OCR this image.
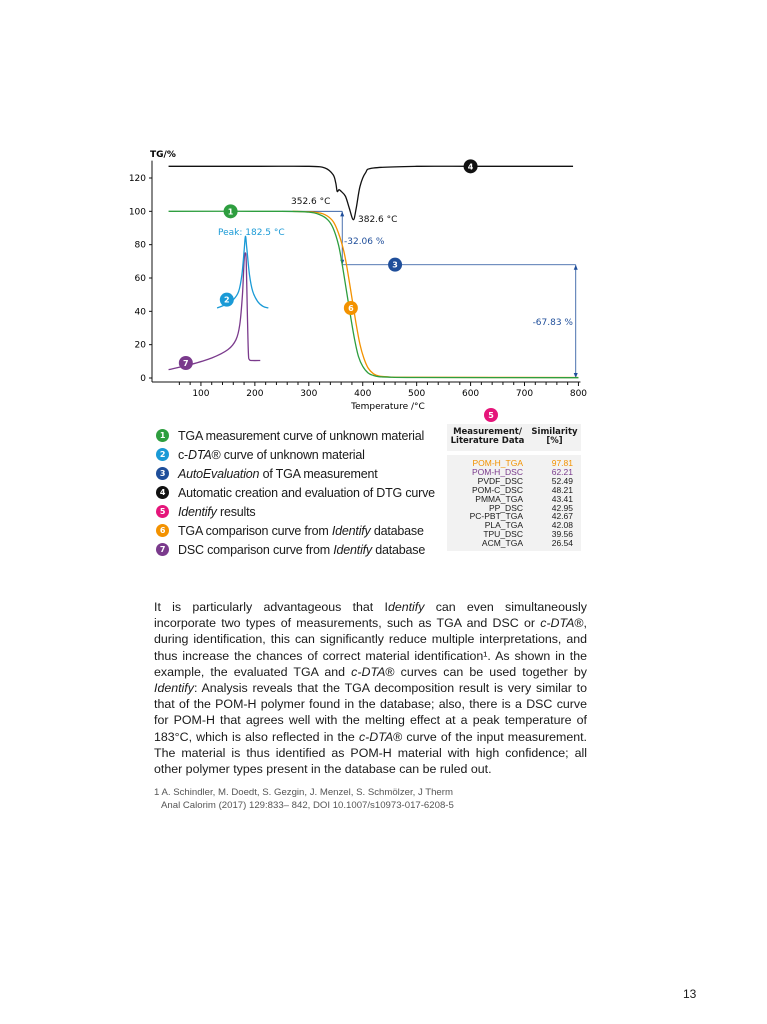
0
20
40
60
80
100
120
100	200	300	400	500	600	700	800
1
2
3
4
6
7
TG/%
Temperature /°C
Peak: 182.5 °C
352.6 °C
382.6 °C
-32.06 %
-67.83 %
1	TGA measurement curve of unknown material
2	c-DTA® curve of unknown material
3	AutoEvaluation of TGA measurement
4	Automatic creation and evaluation of DTG curve
5	Identify results
6	TGA comparison curve from Identify database
7	DSC comparison curve from Identify database
5
Measurement/
Literature Data
Similarity
[%]
POM-H_TGA	97.81
POM-H_DSC	62.21
PVDF_DSC	52.49
POM-C_DSC	48.21
PMMA_TGA	43.41
PP_DSC	42.95
PC-PBT_TGA	42.67
PLA_TGA	42.08
TPU_DSC	39.56
ACM_TGA	26.54
It is particularly advantageous that Identify can even simultaneously incorporate two types of measurements, such as TGA and DSC or c-DTA®, during identification, this can significantly reduce multiple interpretations, and thus increase the chances of correct material identification¹. As shown in the example, the evaluated TGA and c-DTA® curves can be used together by Identify: Analysis reveals that the TGA decomposition result is very similar to that of the POM-H polymer found in the database; also, there is a DSC curve for POM-H that agrees well with the melting effect at a peak temperature of 183°C, which is also reflected in the c-DTA® curve of the input measurement. The material is thus identified as POM-H material with high confidence; all other polymer types present in the database can be ruled out.
1 A. Schindler, M. Doedt, S. Gezgin, J. Menzel, S. Schmölzer, J Therm
Anal Calorim (2017) 129:833– 842, DOI 10.1007/s10973-017-6208-5
13
